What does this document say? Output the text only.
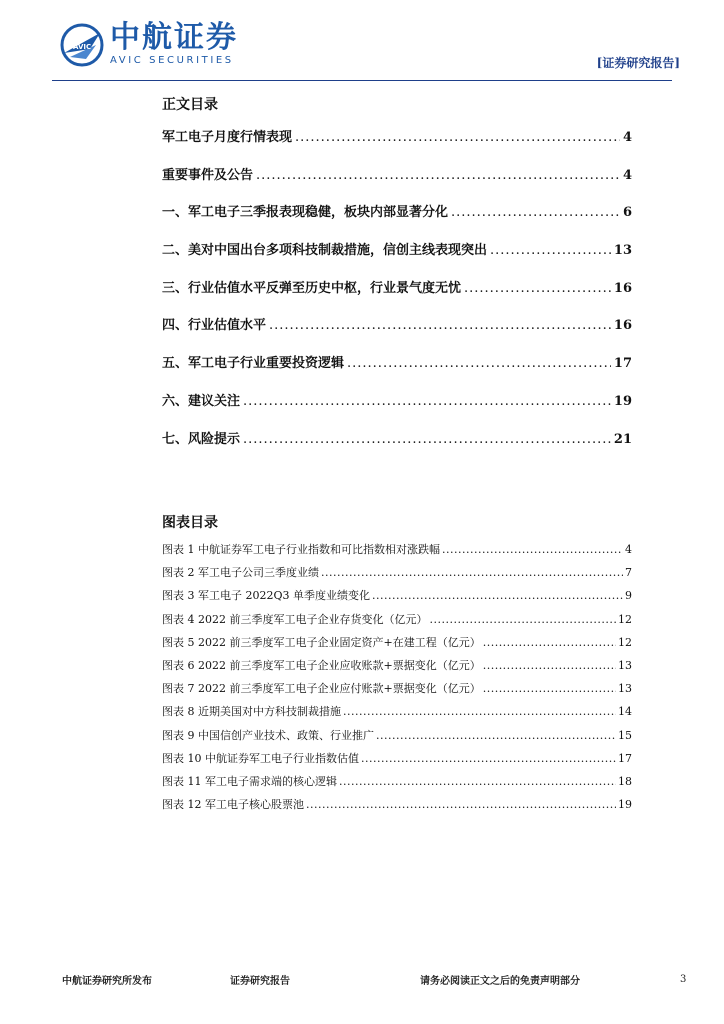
AVIC 中航证券
AVIC SECURITIES	[证券研究报告]
正文目录
军工电子月度行情表现 .....	4
重要事件及公告 .....	4
一、军工电子三季报表现稳健，板块内部显著分化 .....	6
二、美对中国出台多项科技制裁措施，信创主线表现突出 .....	13
三、行业估值水平反弹至历史中枢，行业景气度无忧 .....	16
四、行业估值水平 .....	16
五、军工电子行业重要投资逻辑 .....	17
六、建议关注 .....	19
七、风险提示 .....	21
图表目录
图表 1 中航证券军工电子行业指数和可比指数相对涨跌幅 .....	4
图表 2 军工电子公司三季度业绩 .....	7
图表 3 军工电子 2022Q3 单季度业绩变化 .....	9
图表 4 2022 前三季度军工电子企业存货变化（亿元） .....	12
图表 5 2022 前三季度军工电子企业固定资产+在建工程（亿元） .....	12
图表 6 2022 前三季度军工电子企业应收账款+票据变化（亿元） .....	13
图表 7 2022 前三季度军工电子企业应付账款+票据变化（亿元） .....	13
图表 8 近期美国对中方科技制裁措施 .....	14
图表 9 中国信创产业技术、政策、行业推广 .....	15
图表 10 中航证券军工电子行业指数估值 .....	17
图表 11 军工电子需求端的核心逻辑 .....	18
图表 12 军工电子核心股票池 .....	19
中航证券研究所发布	证券研究报告	请务必阅读正文之后的免责声明部分	3
